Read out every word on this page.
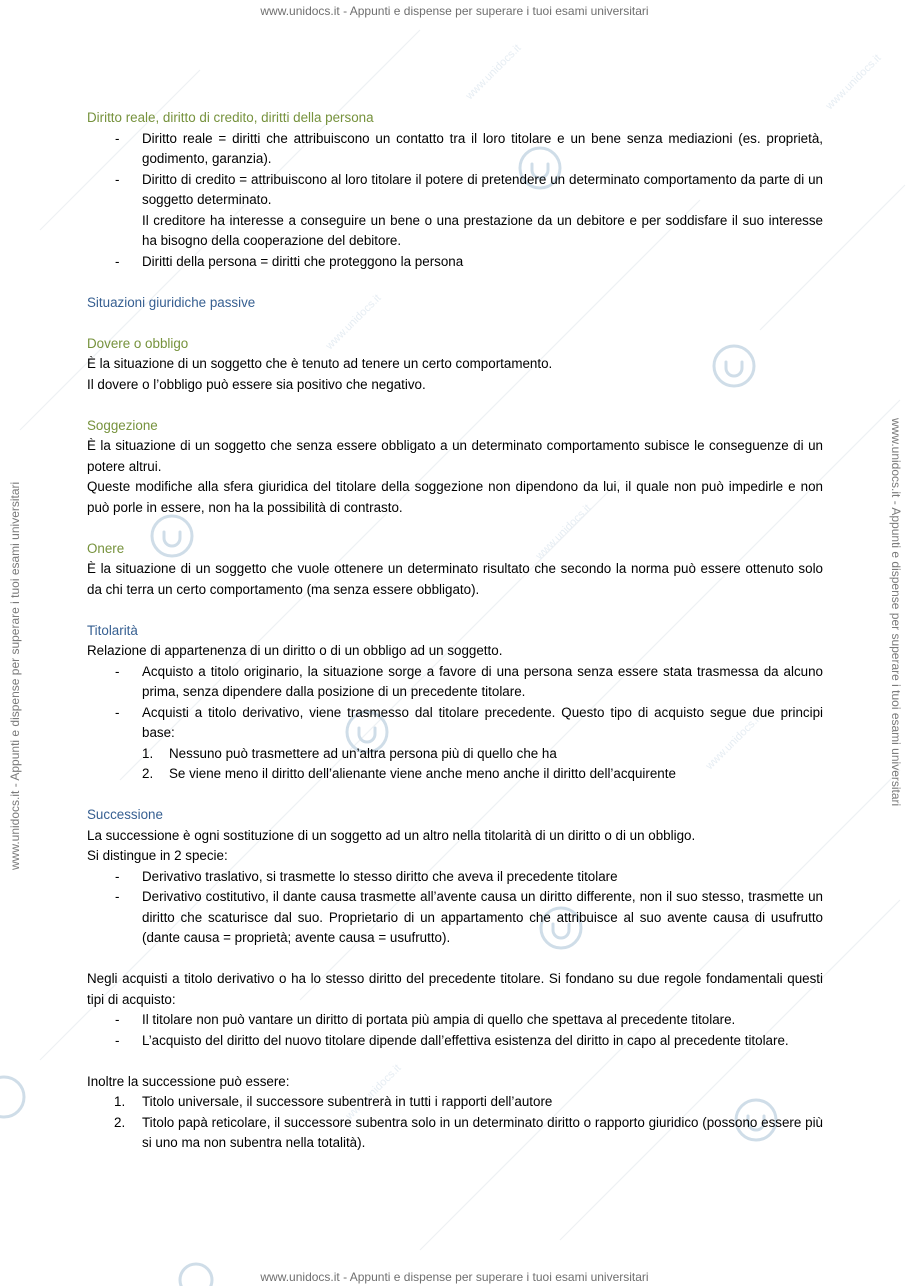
www.unidocs.it
www.unidocs.it
www.unidocs.it
www.unidocs.it
www.unidocs.it
www.unidocs.it
www.unidocs.it - Appunti e dispense per superare i tuoi esami universitari
www.unidocs.it - Appunti e dispense per superare i tuoi esami universitari
www.unidocs.it - Appunti e dispense per superare i tuoi esami universitari	www.unidocs.it - Appunti e dispense per superare i tuoi esami universitari
Diritto reale, diritto di credito, diritti della persona
- Diritto reale = diritti che attribuiscono un contatto tra il loro titolare e un bene senza mediazioni (es. proprietà, godimento, garanzia).
- Diritto di credito = attribuiscono al loro titolare il potere di pretendere un determinato comportamento da parte di un soggetto determinato.
Il creditore ha interesse a conseguire un bene o una prestazione da un debitore e per soddisfare il suo interesse ha bisogno della cooperazione del debitore.
- Diritti della persona = diritti che proteggono la persona
Situazioni giuridiche passive
Dovere o obbligo

È la situazione di un soggetto che è tenuto ad tenere un certo comportamento.

Il dovere o l’obbligo può essere sia positivo che negativo.

Soggezione

È la situazione di un soggetto che senza essere obbligato a un determinato comportamento subisce le conseguenze di un potere altrui.

Queste modifiche alla sfera giuridica del titolare della soggezione non dipendono da lui, il quale non può impedirle e non può porle in essere, non ha la possibilità di contrasto.

Onere

È la situazione di un soggetto che vuole ottenere un determinato risultato che secondo la norma può essere ottenuto solo da chi terra un certo comportamento (ma senza essere obbligato).

Titolarità

Relazione di appartenenza di un diritto o di un obbligo ad un soggetto.

- Acquisto a titolo originario, la situazione sorge a favore di una persona senza essere stata trasmessa da alcuno prima, senza dipendere dalla posizione di un precedente titolare.
- Acquisti a titolo derivativo, viene trasmesso dal titolare precedente. Questo tipo di acquisto segue due principi base:
1. Nessuno può trasmettere ad un’altra persona più di quello che ha
2. Se viene meno il diritto dell’alienante viene anche meno anche il diritto dell’acquirente
Successione

La successione è ogni sostituzione di un soggetto ad un altro nella titolarità di un diritto o di un obbligo.

Si distingue in 2 specie:

- Derivativo traslativo, si trasmette lo stesso diritto che aveva il precedente titolare
- Derivativo costitutivo, il dante causa trasmette all’avente causa un diritto differente, non il suo stesso, trasmette un diritto che scaturisce dal suo. Proprietario di un appartamento che attribuisce al suo avente causa di usufrutto (dante causa = proprietà; avente causa = usufrutto).

Negli acquisti a titolo derivativo o ha lo stesso diritto del precedente titolare. Si fondano su due regole fondamentali questi tipi di acquisto:

- Il titolare non può vantare un diritto di portata più ampia di quello che spettava al precedente titolare.
- L’acquisto del diritto del nuovo titolare dipende dall’effettiva esistenza del diritto in capo al precedente titolare.

Inoltre la successione può essere:

1. Titolo universale, il successore subentrerà in tutti i rapporti dell’autore
2. Titolo papà reticolare, il successore subentra solo in un determinato diritto o rapporto giuridico (possono essere più si uno ma non subentra nella totalità).
